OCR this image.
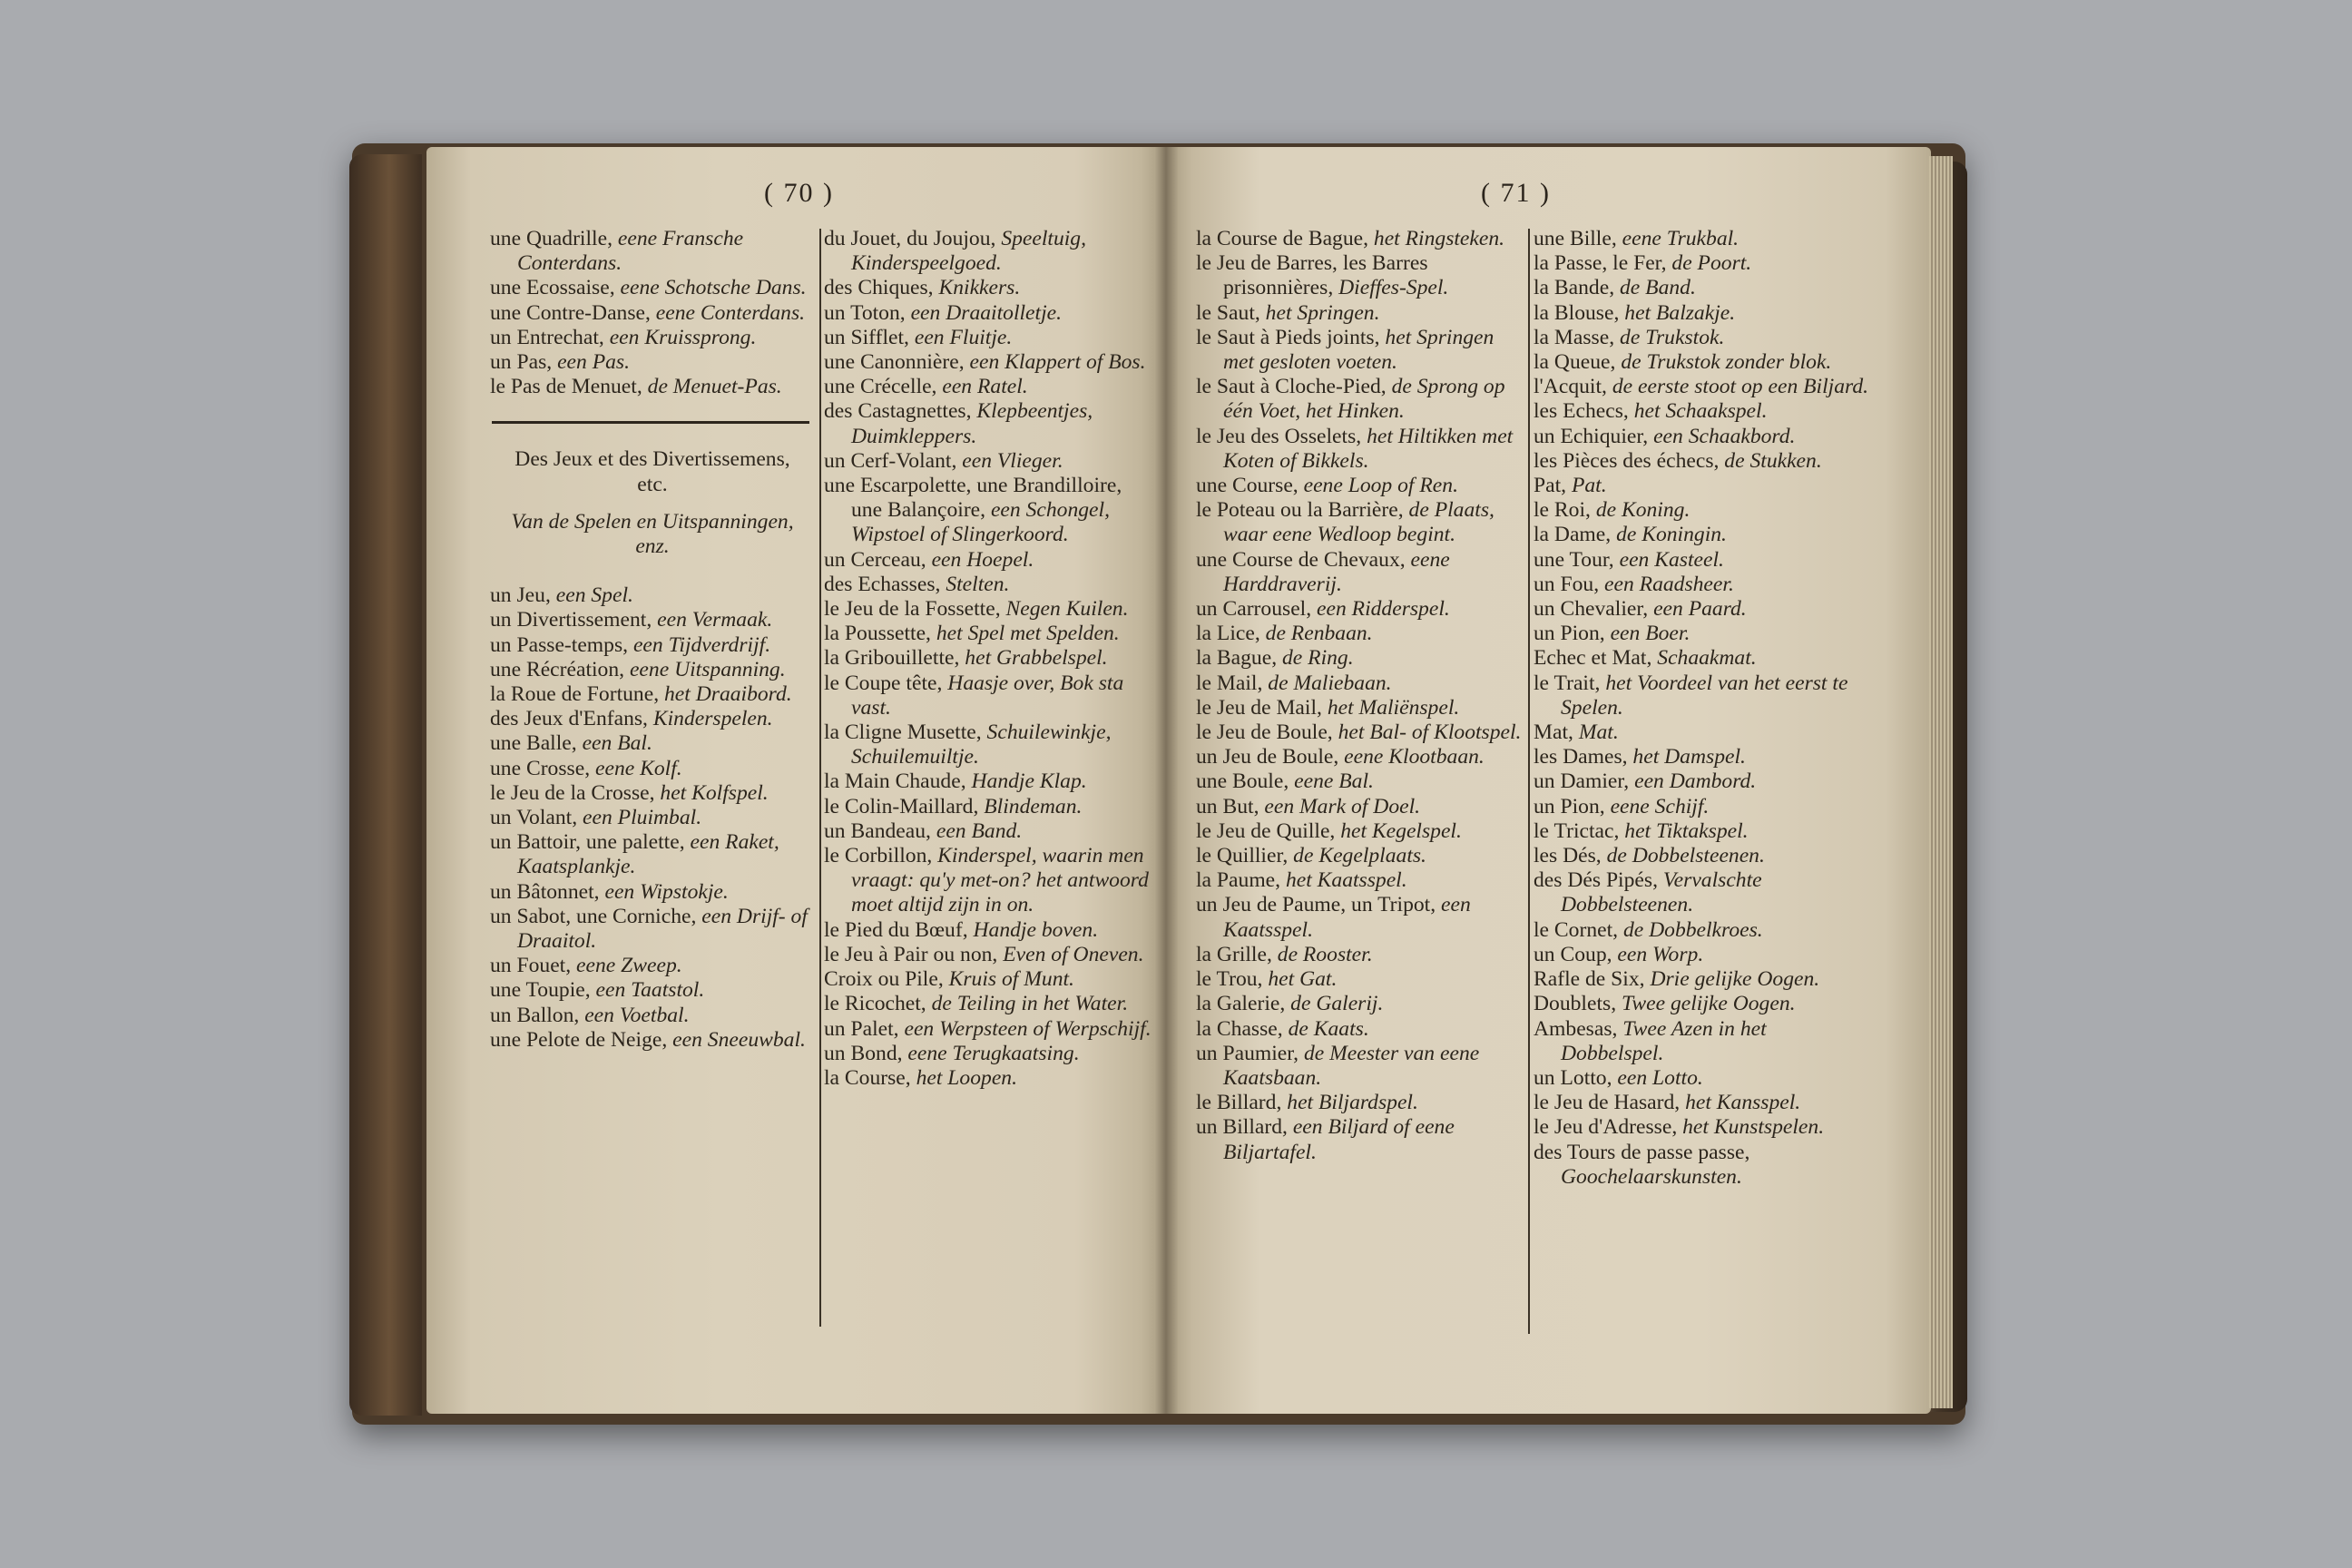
( 70 )	( 71 )

une Quadrille, eene Fransche Conterdans.

une Ecossaise, eene Schotsche Dans.

une Contre-Danse, eene Conterdans.

un Entrechat, een Kruissprong.

un Pas, een Pas.

le Pas de Menuet, de Menuet-Pas.

Des Jeux et des Divertissemens, etc.

Van de Spelen en Uitspanningen, enz.

un Jeu, een Spel.

un Divertissement, een Vermaak.

un Passe-temps, een Tijdverdrijf.

une Récréation, eene Uitspanning.

la Roue de Fortune, het Draaibord.

des Jeux d'Enfans, Kinderspelen.

une Balle, een Bal.

une Crosse, eene Kolf.

le Jeu de la Crosse, het Kolfspel.

un Volant, een Pluimbal.

un Battoir, une palette, een Raket, Kaatsplankje.

un Bâtonnet, een Wipstokje.

un Sabot, une Corniche, een Drijf- of Draaitol.

un Fouet, eene Zweep.

une Toupie, een Taatstol.

un Ballon, een Voetbal.

une Pelote de Neige, een Sneeuwbal.

du Jouet, du Joujou, Speeltuig, Kinderspeelgoed.

des Chiques, Knikkers.

un Toton, een Draaitolletje.

un Sifflet, een Fluitje.

une Canonnière, een Klappert of Bos.

une Crécelle, een Ratel.

des Castagnettes, Klepbeentjes, Duimkleppers.

un Cerf-Volant, een Vlieger.

une Escarpolette, une Brandilloire, une Balançoire, een Schongel, Wipstoel of Slingerkoord.

un Cerceau, een Hoepel.

des Echasses, Stelten.

le Jeu de la Fossette, Negen Kuilen.

la Poussette, het Spel met Spelden.

la Gribouillette, het Grabbelspel.

le Coupe tête, Haasje over, Bok sta vast.

la Cligne Musette, Schuilewinkje, Schuilemuiltje.

la Main Chaude, Handje Klap.

le Colin-Maillard, Blindeman.

un Bandeau, een Band.

le Corbillon, Kinderspel, waarin men vraagt: qu'y met-on? het antwoord moet altijd zijn in on.

le Pied du Bœuf, Handje boven.

le Jeu à Pair ou non, Even of Oneven.

Croix ou Pile, Kruis of Munt.

le Ricochet, de Teiling in het Water.

un Palet, een Werpsteen of Werpschijf.

un Bond, eene Terugkaatsing.

la Course, het Loopen.

la Course de Bague, het Ringsteken.

le Jeu de Barres, les Barres prisonnières, Dieffes-Spel.

le Saut, het Springen.

le Saut à Pieds joints, het Springen met gesloten voeten.

le Saut à Cloche-Pied, de Sprong op één Voet, het Hinken.

le Jeu des Osselets, het Hiltikken met Koten of Bikkels.

une Course, eene Loop of Ren.

le Poteau ou la Barrière, de Plaats, waar eene Wedloop begint.

une Course de Chevaux, eene Harddraverij.

un Carrousel, een Ridderspel.

la Lice, de Renbaan.

la Bague, de Ring.

le Mail, de Maliebaan.

le Jeu de Mail, het Maliënspel.

le Jeu de Boule, het Bal- of Klootspel.

un Jeu de Boule, eene Klootbaan.

une Boule, eene Bal.

un But, een Mark of Doel.

le Jeu de Quille, het Kegelspel.

le Quillier, de Kegelplaats.

la Paume, het Kaatsspel.

un Jeu de Paume, un Tripot, een Kaatsspel.

la Grille, de Rooster.

le Trou, het Gat.

la Galerie, de Galerij.

la Chasse, de Kaats.

un Paumier, de Meester van eene Kaatsbaan.

le Billard, het Biljardspel.

un Billard, een Biljard of eene Biljartafel.

une Bille, eene Trukbal.

la Passe, le Fer, de Poort.

la Bande, de Band.

la Blouse, het Balzakje.

la Masse, de Trukstok.

la Queue, de Trukstok zonder blok.

l'Acquit, de eerste stoot op een Biljard.

les Echecs, het Schaakspel.

un Echiquier, een Schaakbord.

les Pièces des échecs, de Stukken.

Pat, Pat.

le Roi, de Koning.

la Dame, de Koningin.

une Tour, een Kasteel.

un Fou, een Raadsheer.

un Chevalier, een Paard.

un Pion, een Boer.

Echec et Mat, Schaakmat.

le Trait, het Voordeel van het eerst te Spelen.

Mat, Mat.

les Dames, het Damspel.

un Damier, een Dambord.

un Pion, eene Schijf.

le Trictac, het Tiktakspel.

les Dés, de Dobbelsteenen.

des Dés Pipés, Vervalschte Dobbelsteenen.

le Cornet, de Dobbelkroes.

un Coup, een Worp.

Rafle de Six, Drie gelijke Oogen.

Doublets, Twee gelijke Oogen.

Ambesas, Twee Azen in het Dobbelspel.

un Lotto, een Lotto.

le Jeu de Hasard, het Kansspel.

le Jeu d'Adresse, het Kunstspelen.

des Tours de passe passe, Goochelaarskunsten.
